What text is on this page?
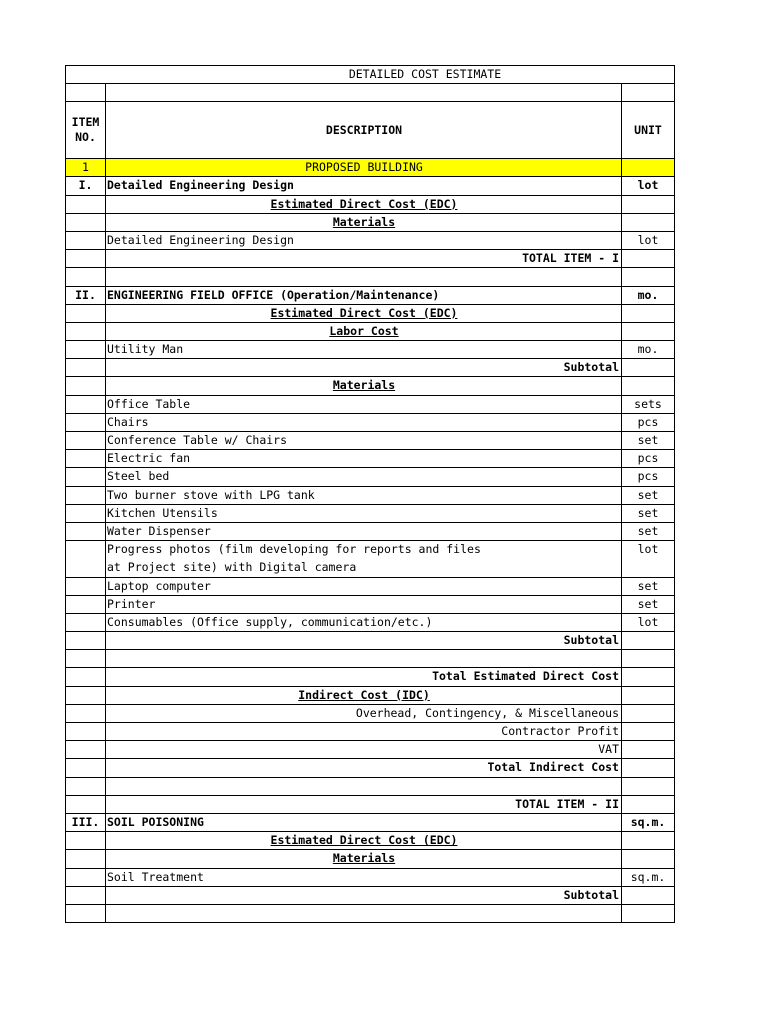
DETAILED COST ESTIMATE
ITEM NO.
DESCRIPTION	UNIT
1	PROPOSED BUILDING
I.	Detailed Engineering Design	lot
Estimated Direct Cost (EDC)
Materials
Detailed Engineering Design	lot
TOTAL ITEM - I
II. ENGINEERING FIELD OFFICE (Operation/Maintenance)	mo.
Estimated Direct Cost (EDC)
Labor Cost
Utility Man	mo.
Subtotal
Materials
Office Table	sets
Chairs	pcs
Conference Table w/ Chairs	set
Electric fan	pcs
Steel bed	pcs
Two burner stove with LPG tank	set
Kitchen Utensils	set
Water Dispenser	set
Progress photos (film developing for reports and files	lot
at Project site) with Digital camera
Laptop computer	set
Printer	set
Consumables (Office supply, communication/etc.)	lot
Subtotal
Total Estimated Direct Cost
Indirect Cost (IDC)
Overhead, Contingency, & Miscellaneous
Contractor Profit
VAT
Total Indirect Cost
TOTAL ITEM - II
III. SOIL POISONING	sq.m.
Estimated Direct Cost (EDC)
Materials
Soil Treatment	sq.m.
Subtotal
